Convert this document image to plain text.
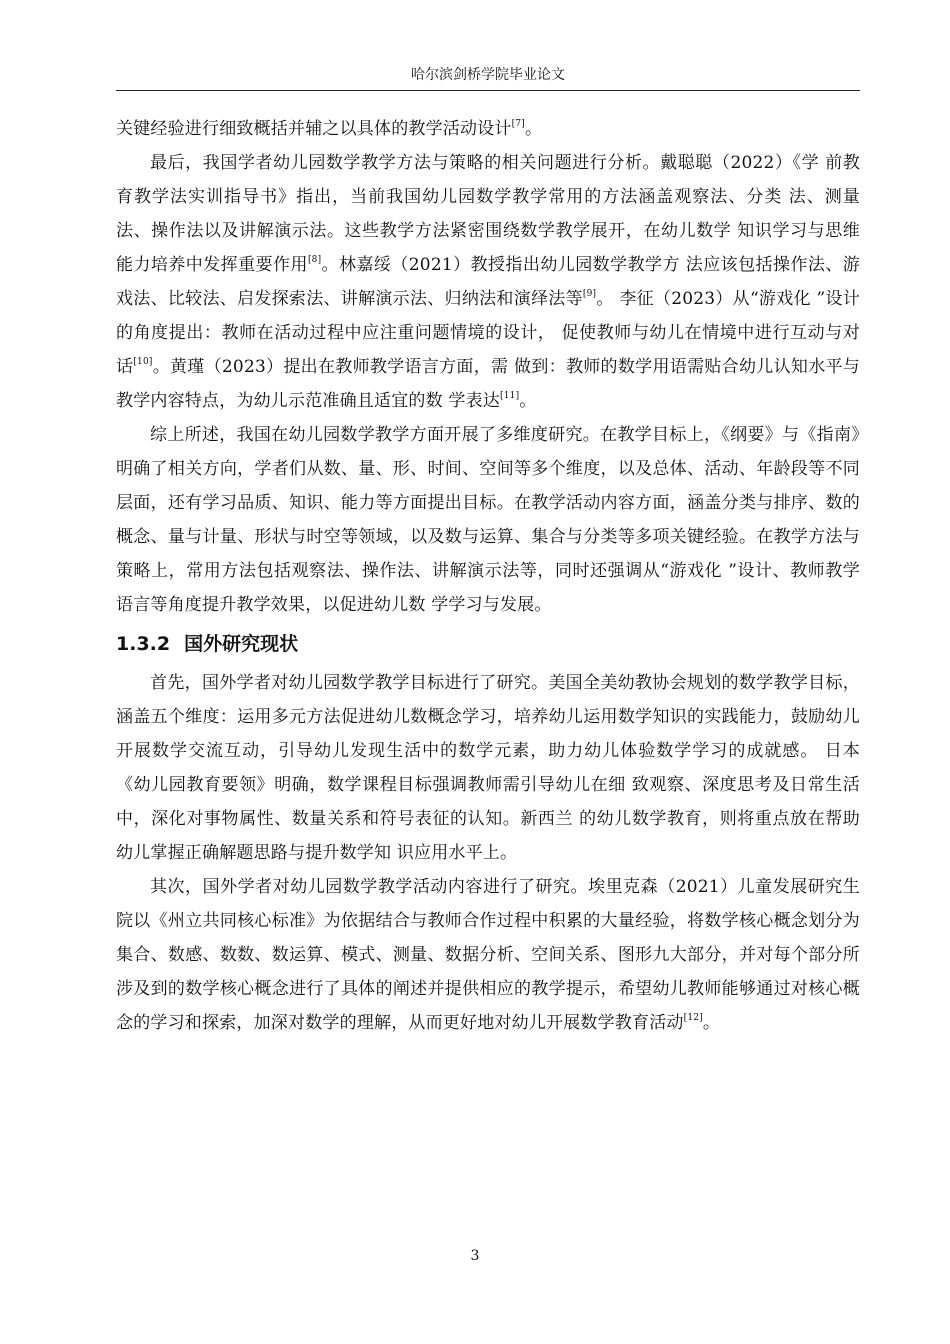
哈尔滨剑桥学院毕业论文

关键经验进行细致概括并辅之以具体的教学活动设计[7]。

最后，我国学者幼儿园数学教学方法与策略的相关问题进行分析。戴聪聪（2022）《学 前教育教学法实训指导书》指出，当前我国幼儿园数学教学常用的方法涵盖观察法、分类 法、测量法、操作法以及讲解演示法。这些教学方法紧密围绕数学教学展开，在幼儿数学 知识学习与思维能力培养中发挥重要作用[8]。林嘉绥（2021）教授指出幼儿园数学教学方 法应该包括操作法、游戏法、比较法、启发探索法、讲解演示法、归纳法和演绎法等[9]。 李征（2023）从“游戏化 ”设计的角度提出：教师在活动过程中应注重问题情境的设计， 促使教师与幼儿在情境中进行互动与对话[10]。黄瑾（2023）提出在教师教学语言方面，需 做到：教师的数学用语需贴合幼儿认知水平与教学内容特点，为幼儿示范准确且适宜的数 学表达[11]。

综上所述，我国在幼儿园数学教学方面开展了多维度研究。在教学目标上，《纲要》与《指南》明确了相关方向，学者们从数、量、形、时间、空间等多个维度，以及总体、活动、年龄段等不同层面，还有学习品质、知识、能力等方面提出目标。在教学活动内容方面，涵盖分类与排序、数的概念、量与计量、形状与时空等领域，以及数与运算、集合与分类等多项关键经验。在教学方法与策略上，常用方法包括观察法、操作法、讲解演示法等，同时还强调从“游戏化 ”设计、教师教学语言等角度提升教学效果，以促进幼儿数 学学习与发展。

1.3.2 国外研究现状

首先，国外学者对幼儿园数学教学目标进行了研究。美国全美幼教协会规划的数学教学目标，涵盖五个维度：运用多元方法促进幼儿数概念学习，培养幼儿运用数学知识的实践能力，鼓励幼儿开展数学交流互动，引导幼儿发现生活中的数学元素，助力幼儿体验数学学习的成就感。 日本《幼儿园教育要领》明确，数学课程目标强调教师需引导幼儿在细 致观察、深度思考及日常生活中，深化对事物属性、数量关系和符号表征的认知。新西兰 的幼儿数学教育，则将重点放在帮助幼儿掌握正确解题思路与提升数学知 识应用水平上。

其次，国外学者对幼儿园数学教学活动内容进行了研究。埃里克森（2021）儿童发展研究生院以《州立共同核心标准》为依据结合与教师合作过程中积累的大量经验，将数学核心概念划分为集合、数感、数数、数运算、模式、测量、数据分析、空间关系、图形九大部分，并对每个部分所涉及到的数学核心概念进行了具体的阐述并提供相应的教学提示，希望幼儿教师能够通过对核心概念的学习和探索，加深对数学的理解，从而更好地对幼儿开展数学教育活动[12]。

3
